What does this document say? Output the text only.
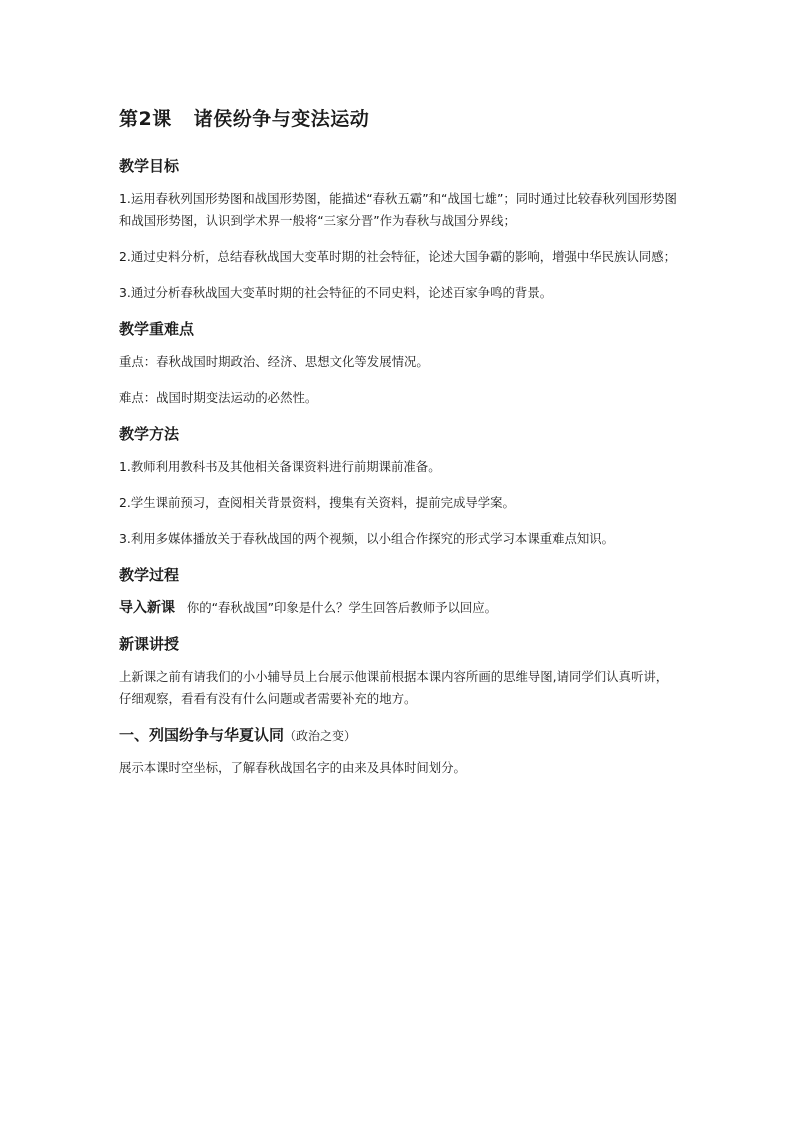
第2课 诸侯纷争与变法运动
教学目标
1.运用春秋列国形势图和战国形势图，能描述“春秋五霸”和“战国七雄”；同时通过比较春秋列国形势图和战国形势图，认识到学术界一般将“三家分晋”作为春秋与战国分界线；
2.通过史料分析，总结春秋战国大变革时期的社会特征，论述大国争霸的影响，增强中华民族认同感；
3.通过分析春秋战国大变革时期的社会特征的不同史料，论述百家争鸣的背景。
教学重难点
重点：春秋战国时期政治、经济、思想文化等发展情况。
难点：战国时期变法运动的必然性。
教学方法
1.教师利用教科书及其他相关备课资料进行前期课前准备。
2.学生课前预习，查阅相关背景资料，搜集有关资料，提前完成导学案。
3.利用多媒体播放关于春秋战国的两个视频，以小组合作探究的形式学习本课重难点知识。
教学过程
导入新课 你的“春秋战国”印象是什么？学生回答后教师予以回应。
新课讲授
上新课之前有请我们的小小辅导员上台展示他课前根据本课内容所画的思维导图,请同学们认真听讲，仔细观察，看看有没有什么问题或者需要补充的地方。
一、列国纷争与华夏认同（政治之变）
展示本课时空坐标，了解春秋战国名字的由来及具体时间划分。
